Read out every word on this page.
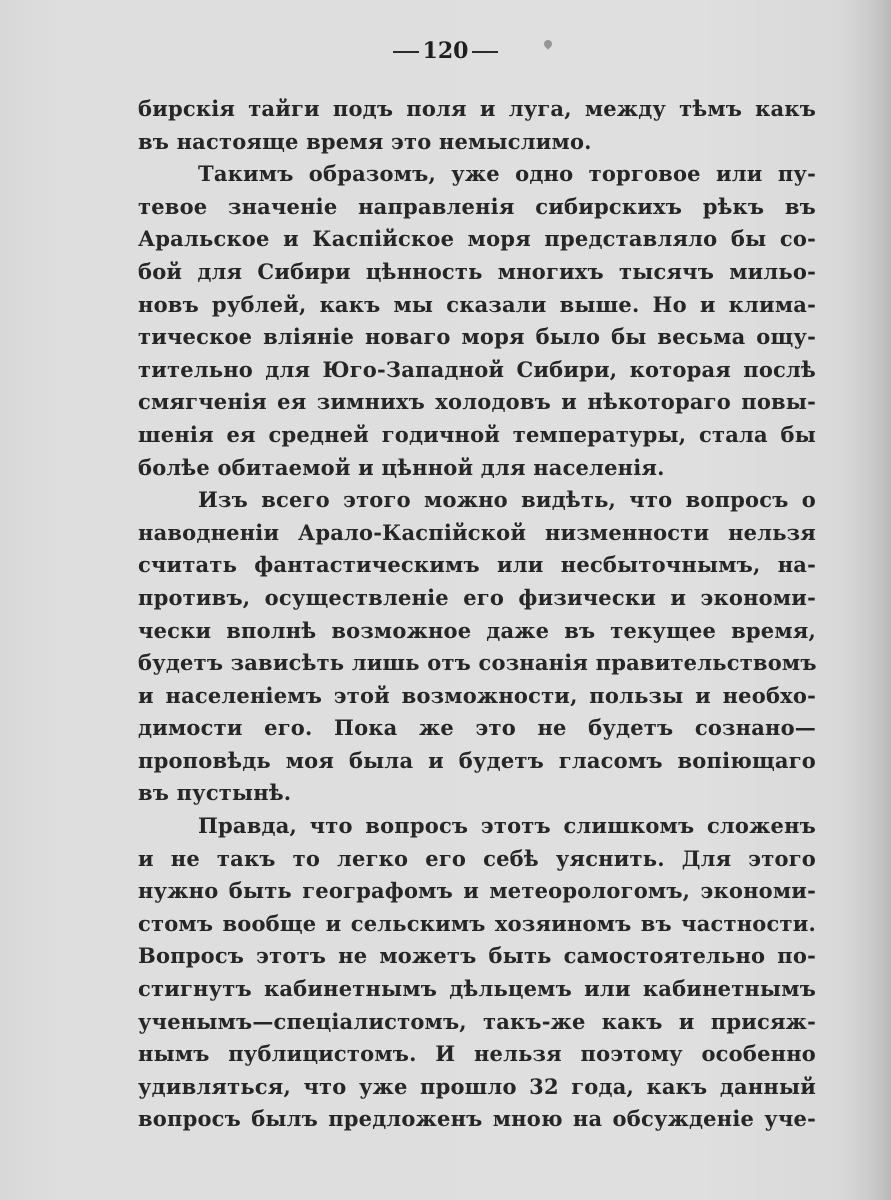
120
бирскія тайги подъ поля и луга, между тѣмъ какъ
въ настояще время это немыслимо.
Такимъ образомъ, уже одно торговое или пу-
тевое значеніе направленія сибирскихъ рѣкъ въ
Аральское и Каспійское моря представляло бы со-
бой для Сибири цѣнность многихъ тысячъ мильо-
новъ рублей, какъ мы сказали выше. Но и клима-
тическое вліяніе новаго моря было бы весьма ощу-
тительно для Юго-Западной Сибири, которая послѣ
смягченія ея зимнихъ холодовъ и нѣкотораго повы-
шенія ея средней годичной температуры, стала бы
болѣе обитаемой и цѣнной для населенія.
Изъ всего этого можно видѣть, что вопросъ о
наводненіи Арало-Каспійской низменности нельзя
считать фантастическимъ или несбыточнымъ, на-
противъ, осуществленіе его физически и экономи-
чески вполнѣ возможное даже въ текущее время,
будетъ зависѣть лишь отъ сознанія правительствомъ
и населеніемъ этой возможности, пользы и необхо-
димости его. Пока же это не будетъ сознано—
проповѣдь моя была и будетъ гласомъ вопіющаго
въ пустынѣ.
Правда, что вопросъ этотъ слишкомъ сложенъ
и не такъ то легко его себѣ уяснить. Для этого
нужно быть географомъ и метеорологомъ, экономи-
стомъ вообще и сельскимъ хозяиномъ въ частности.
Вопросъ этотъ не можетъ быть самостоятельно по-
стигнутъ кабинетнымъ дѣльцемъ или кабинетнымъ
ученымъ—спеціалистомъ, такъ-же какъ и присяж-
нымъ публицистомъ. И нельзя поэтому особенно
удивляться, что уже прошло 32 года, какъ данный
вопросъ былъ предложенъ мною на обсужденіе уче-
